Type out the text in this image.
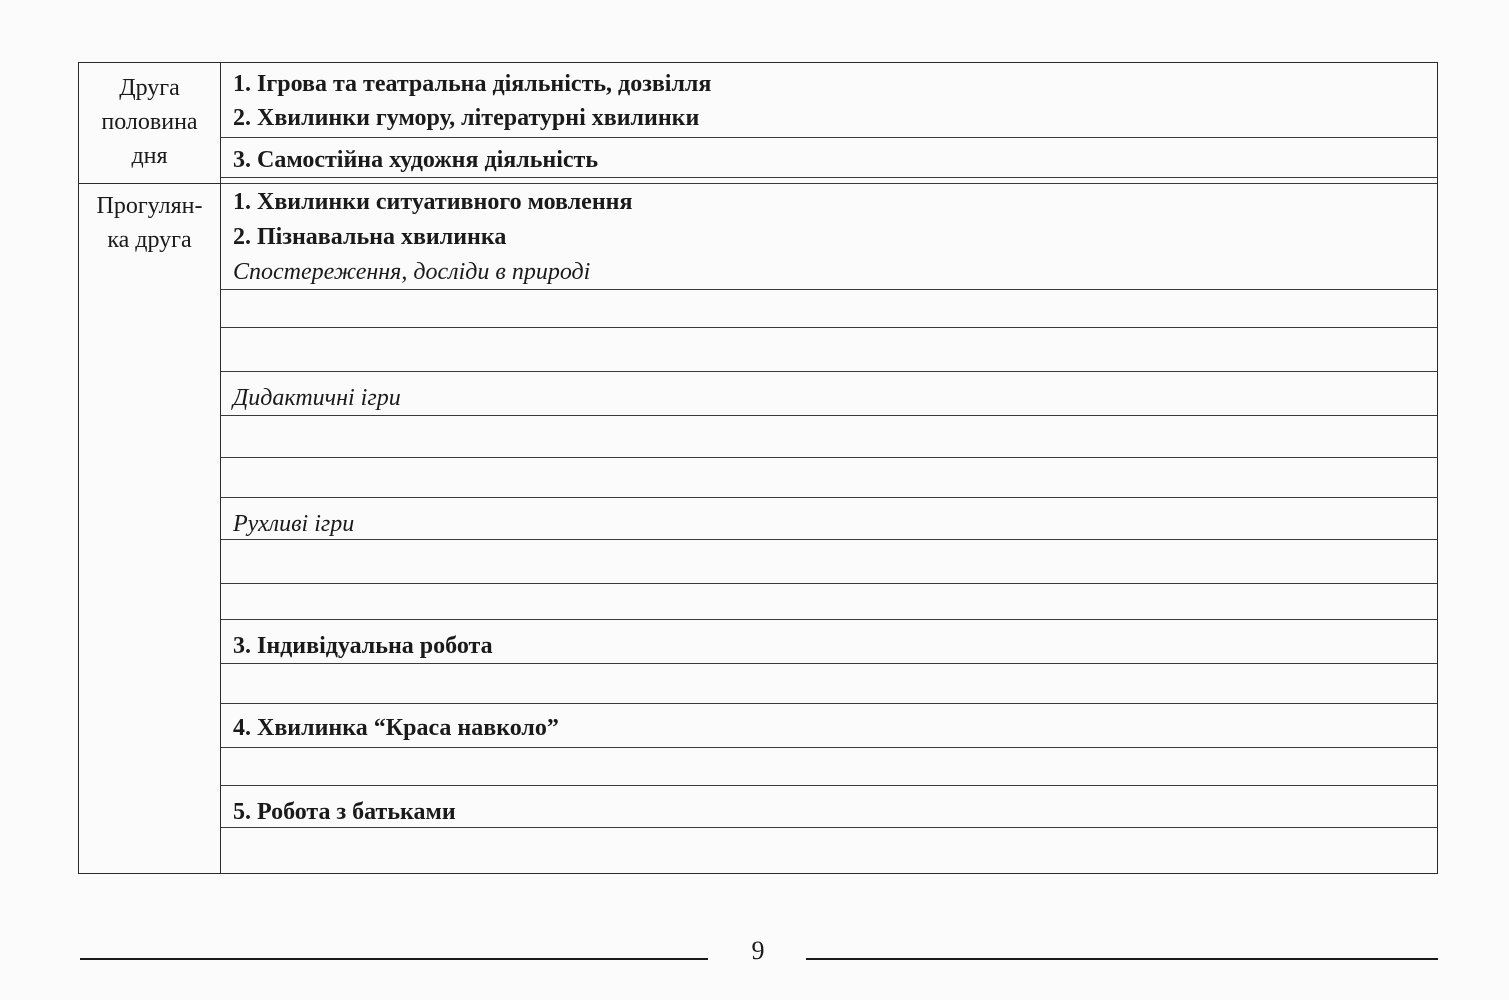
Друга
половина
дня
Прогулян-
ка друга
1. Ігрова та театральна діяльність, дозвілля
2. Хвилинки гумору, літературні хвилинки
3. Самостійна художня діяльність
1. Хвилинки ситуативного мовлення
2. Пізнавальна хвилинка
Спостереження, досліди в природі
Дидактичні ігри
Рухливі ігри
3. Індивідуальна робота
4. Хвилинка “Краса навколо”
5. Робота з батьками
9
